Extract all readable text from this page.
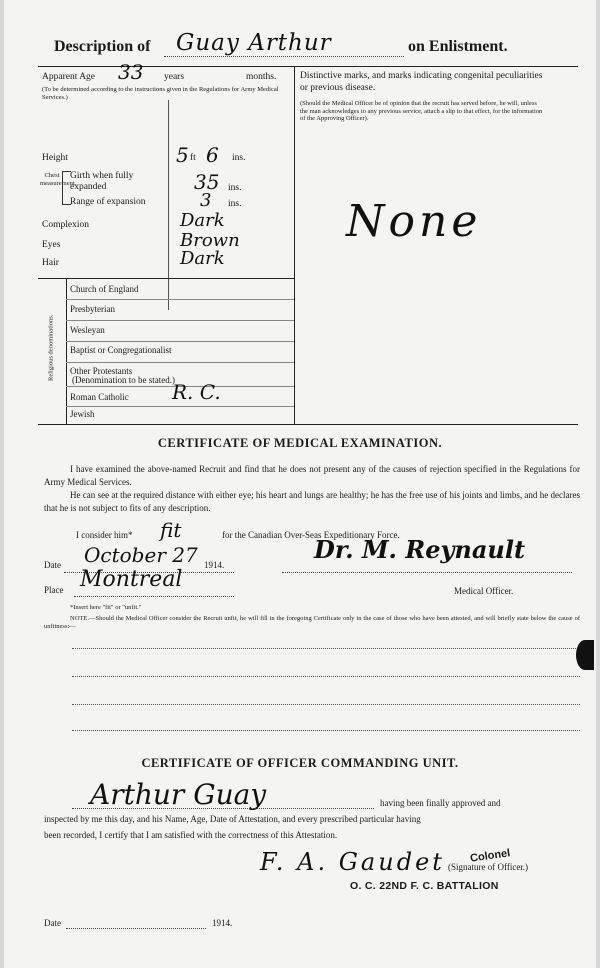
Description of Guay Arthur	on Enlistment.
Apparent Age 33 years	months.
(To be determined according to the instructions given in the Regulations for Army Medical Services.)
Height	5 ft 6 ins.
Chest measurement.
Girth when fully expanded	35 ins.
Range of expansion	3 ins.
Complexion	Dark
Eyes	Brown
Hair	Dark
Religious denominations.
Church of England
Presbyterian
Wesleyan
Baptist or Congregationalist
Other Protestants
(Denomination to be stated.)
Roman Catholic R. C.
Jewish
Distinctive marks, and marks indicating congenital peculiarities or previous disease.
(Should the Medical Officer be of opinion that the recruit has served before, he will, unless the man acknowledges to any previous service, attach a slip to that effect, for the information of the Approving Officer).
None
CERTIFICATE OF MEDICAL EXAMINATION.
I have examined the above-named Recruit and find that he does not present any of the causes of rejection specified in the Regulations for Army Medical Services.
He can see at the required distance with either eye; his heart and lungs are healthy; he has the free use of his joints and limbs, and he declares that he is not subject to fits of any description.
I consider him* fit	for the Canadian Over-Seas Expeditionary Force.
Date October 27 1914.
Dr. M. Reynault
Place Montreal	Medical Officer.
*Insert here "fit" or "unfit."
NOTE.—Should the Medical Officer consider the Recruit unfit, he will fill in the foregoing Certificate only in the case of those who have been attested, and will briefly state below the cause of unfitness:—
CERTIFICATE OF OFFICER COMMANDING UNIT.
Arthur Guay	having been finally approved and
inspected by me this day, and his Name, Age, Date of Attestation, and every prescribed particular having
been recorded, I certify that I am satisfied with the correctness of this Attestation.
F. A. Gaudet Colonel
(Signature of Officer.)
O. C. 22ND F. C. BATTALION
Date	1914.
